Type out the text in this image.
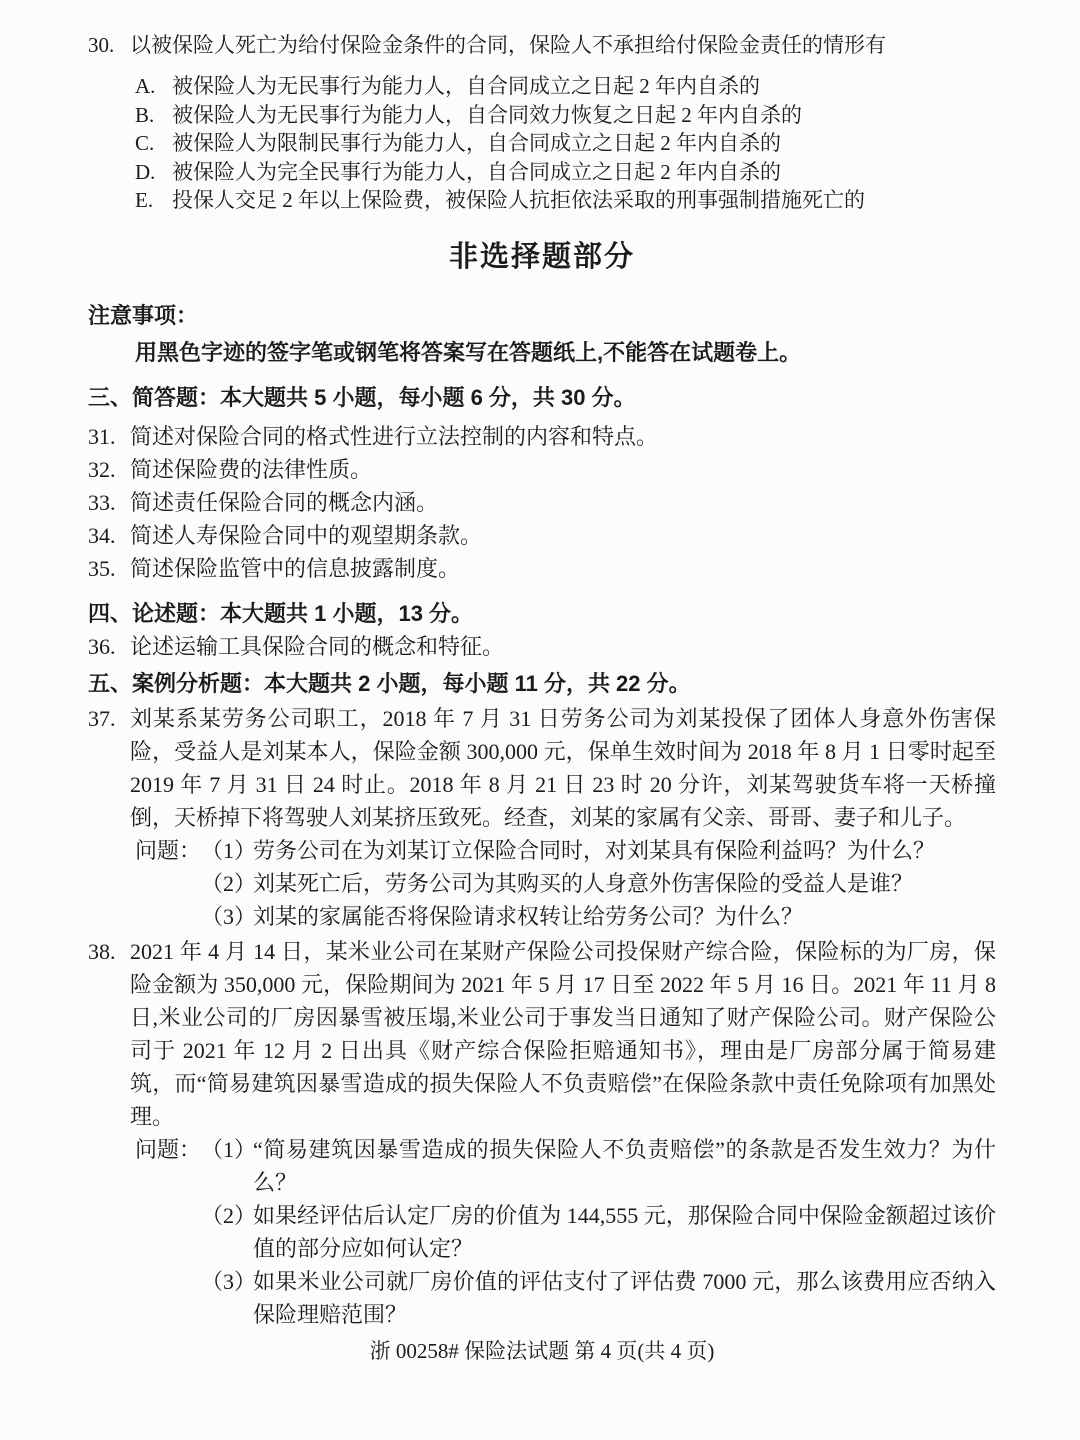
30. 以被保险人死亡为给付保险金条件的合同，保险人不承担给付保险金责任的情形有
A. 被保险人为无民事行为能力人，自合同成立之日起 2 年内自杀的
B. 被保险人为无民事行为能力人，自合同效力恢复之日起 2 年内自杀的
C. 被保险人为限制民事行为能力人，自合同成立之日起 2 年内自杀的
D. 被保险人为完全民事行为能力人，自合同成立之日起 2 年内自杀的
E. 投保人交足 2 年以上保险费，被保险人抗拒依法采取的刑事强制措施死亡的
非选择题部分
注意事项：
用黑色字迹的签字笔或钢笔将答案写在答题纸上,不能答在试题卷上。
三、简答题：本大题共 5 小题，每小题 6 分，共 30 分。
31. 简述对保险合同的格式性进行立法控制的内容和特点。
32. 简述保险费的法律性质。
33. 简述责任保险合同的概念内涵。
34. 简述人寿保险合同中的观望期条款。
35. 简述保险监管中的信息披露制度。
四、论述题：本大题共 1 小题，13 分。
36. 论述运输工具保险合同的概念和特征。
五、案例分析题：本大题共 2 小题，每小题 11 分，共 22 分。
37. 刘某系某劳务公司职工，2018 年 7 月 31 日劳务公司为刘某投保了团体人身意外伤害保险，受益人是刘某本人，保险金额 300,000 元，保单生效时间为 2018 年 8 月 1 日零时起至 2019 年 7 月 31 日 24 时止。2018 年 8 月 21 日 23 时 20 分许，刘某驾驶货车将一天桥撞倒，天桥掉下将驾驶人刘某挤压致死。经查，刘某的家属有父亲、哥哥、妻子和儿子。
问题： （1）
劳务公司在为刘某订立保险合同时，对刘某具有保险利益吗？为什么？
（2）
刘某死亡后，劳务公司为其购买的人身意外伤害保险的受益人是谁？
（3）
刘某的家属能否将保险请求权转让给劳务公司？为什么？
38. 2021 年 4 月 14 日，某米业公司在某财产保险公司投保财产综合险，保险标的为厂房，保险金额为 350,000 元，保险期间为 2021 年 5 月 17 日至 2022 年 5 月 16 日。2021 年 11 月 8 日,米业公司的厂房因暴雪被压塌,米业公司于事发当日通知了财产保险公司。财产保险公司于 2021 年 12 月 2 日出具《财产综合保险拒赔通知书》，理由是厂房部分属于简易建筑，而“简易建筑因暴雪造成的损失保险人不负责赔偿”在保险条款中责任免除项有加黑处理。
问题： （1）
“简易建筑因暴雪造成的损失保险人不负责赔偿”的条款是否发生效力？为什么？
（2）
如果经评估后认定厂房的价值为 144,555 元，那保险合同中保险金额超过该价值的部分应如何认定？
（3）
如果米业公司就厂房价值的评估支付了评估费 7000 元，那么该费用应否纳入保险理赔范围？
浙 00258# 保险法试题 第 4 页(共 4 页)
